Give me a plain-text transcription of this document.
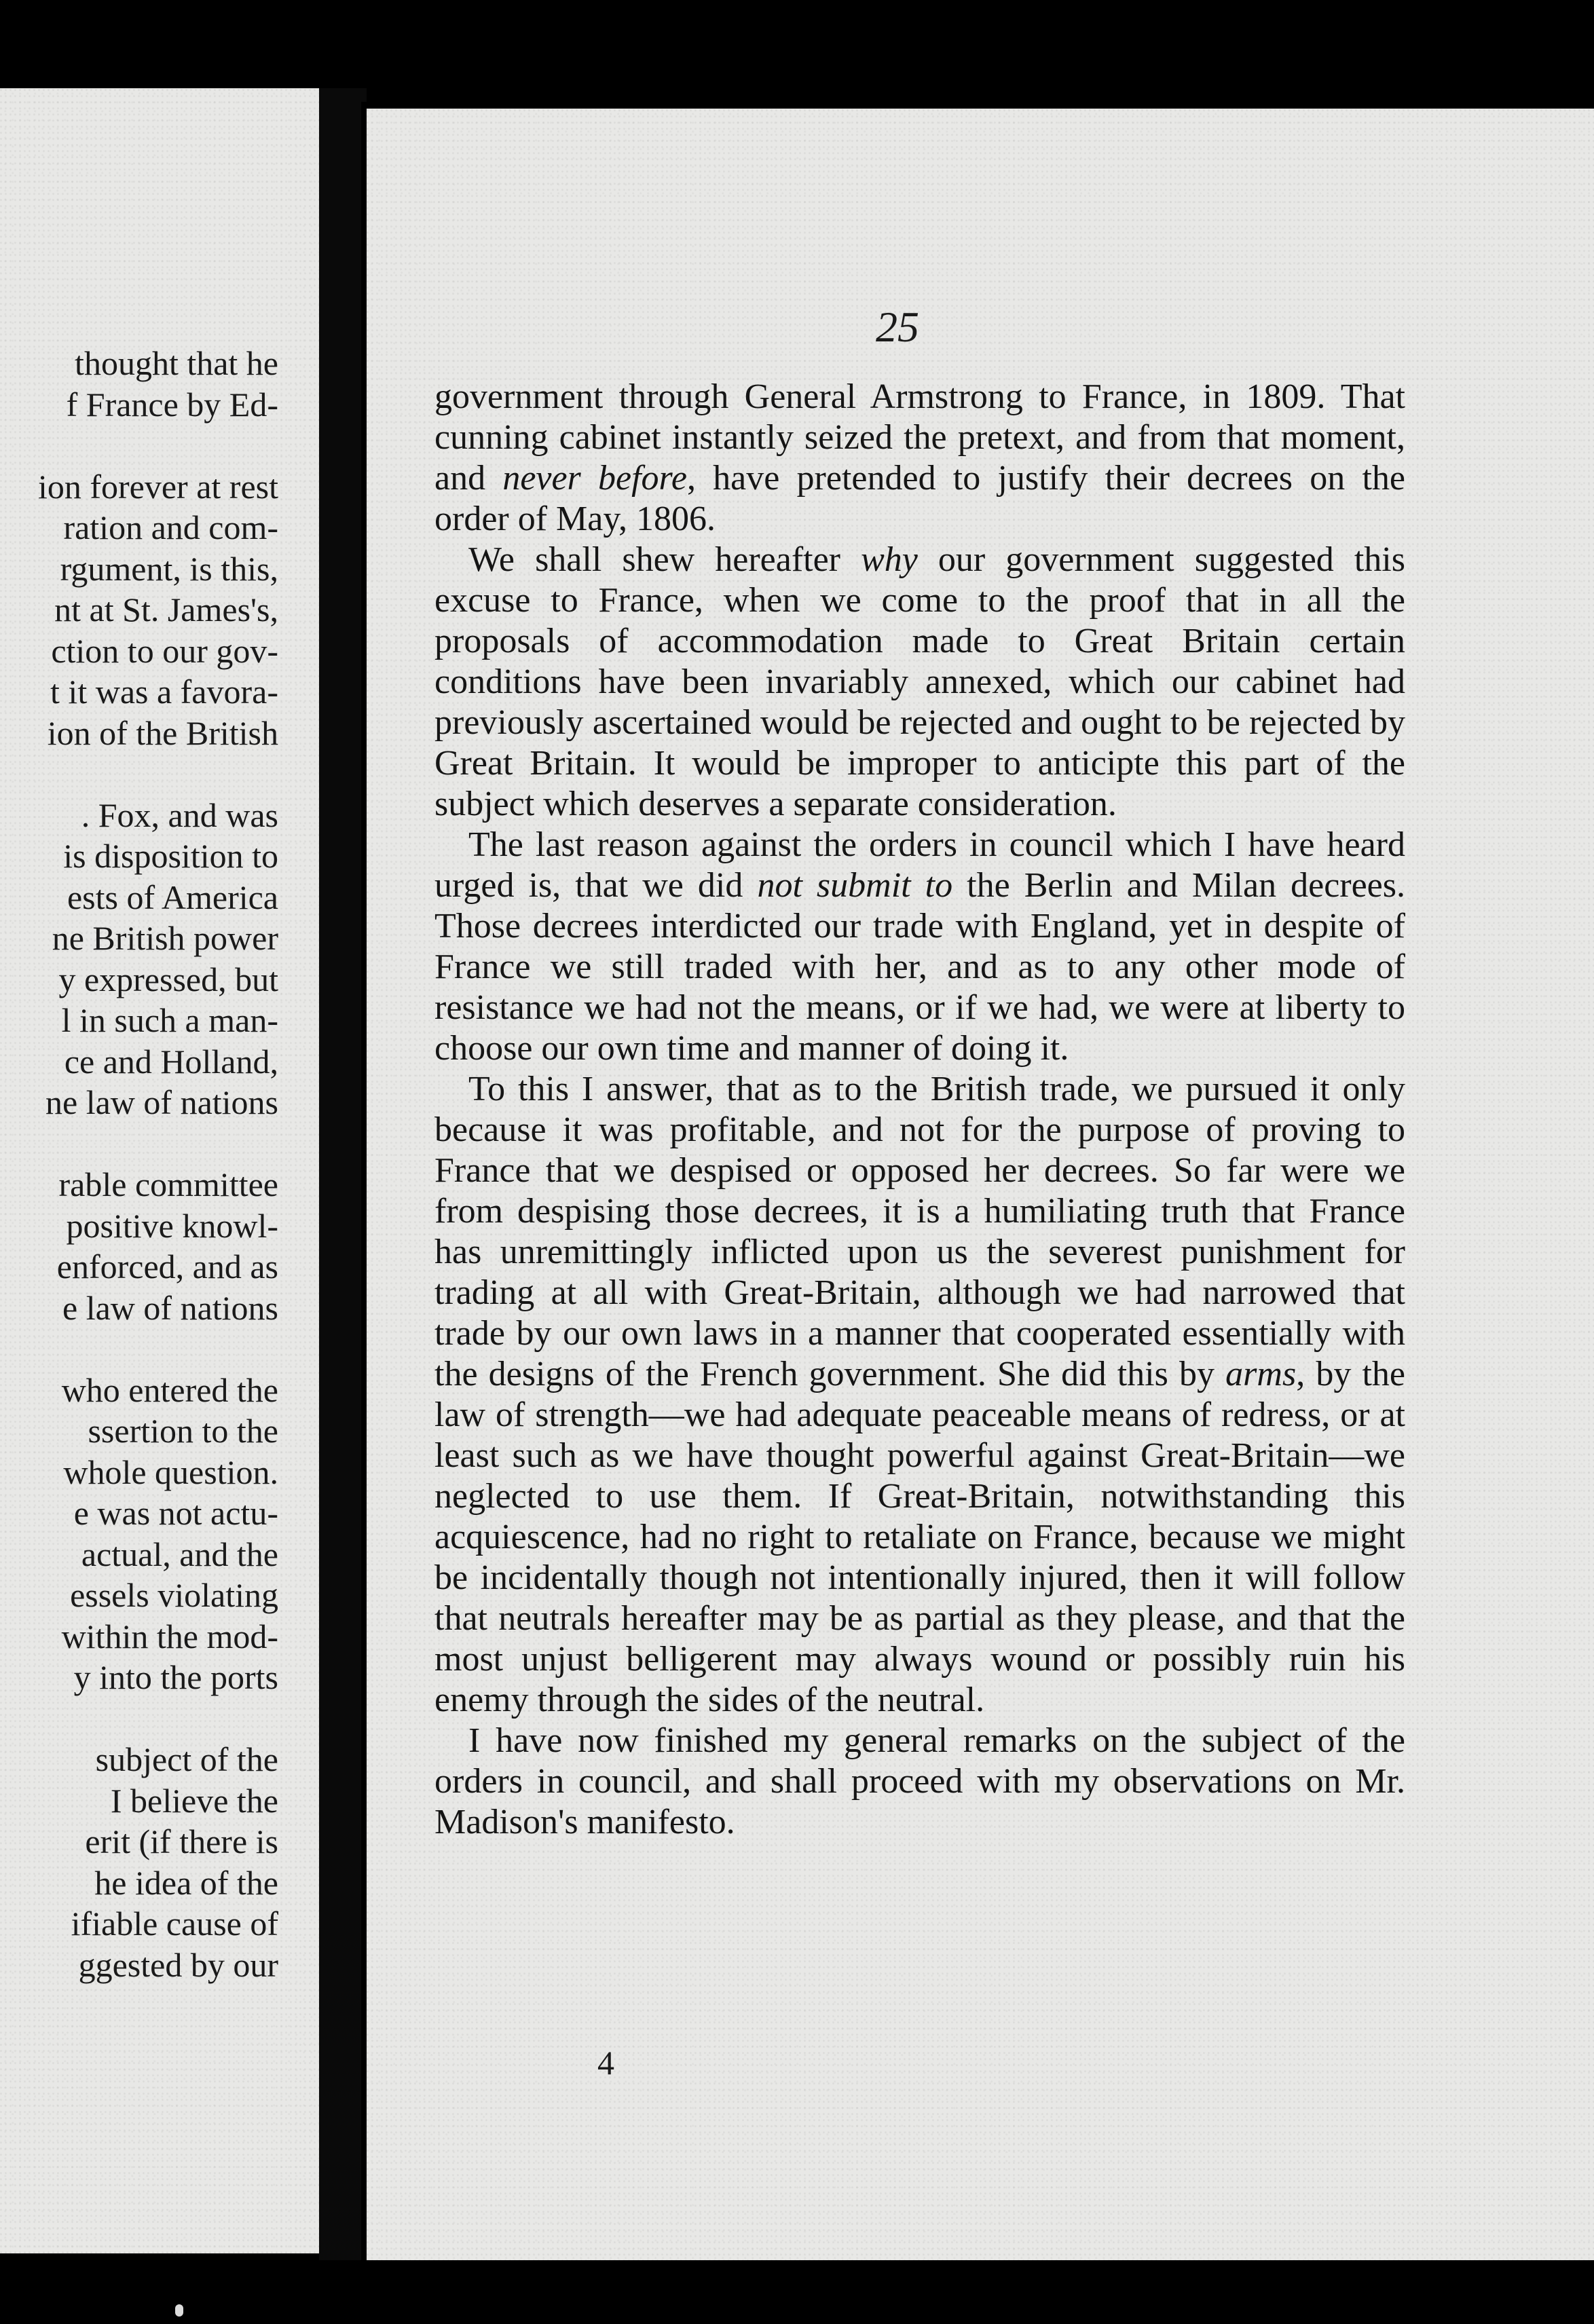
thought that he
f France by Ed-
ion forever at rest
ration and com-
rgument, is this,
nt at St. James's,
ction to our gov-
t it was a favora-
ion of the British
. Fox, and was
is disposition to
ests of America
ne British power
y expressed, but
l in such a man-
ce and Holland,
ne law of nations
rable committee
positive knowl-
enforced, and as
e law of nations
who entered the
ssertion to the
whole question.
e was not actu-
actual, and the
essels violating
within the mod-
y into the ports
subject of the
I believe the
erit (if there is
he idea of the
ifiable cause of
ggested by our
25

government through General Armstrong to France, in 1809. That cunning cabinet instantly seized the pretext, and from that moment, and never before, have pretended to justify their decrees on the order of May, 1806.

We shall shew hereafter why our government suggested this excuse to France, when we come to the proof that in all the proposals of accommodation made to Great Britain certain conditions have been invariably annexed, which our cabinet had previously ascertained would be rejected and ought to be rejected by Great Britain. It would be improper to anticipte this part of the subject which deserves a separate consideration.

The last reason against the orders in council which I have heard urged is, that we did not submit to the Berlin and Milan decrees. Those decrees interdicted our trade with England, yet in despite of France we still traded with her, and as to any other mode of resistance we had not the means, or if we had, we were at liberty to choose our own time and manner of doing it.

To this I answer, that as to the British trade, we pursued it only because it was profitable, and not for the purpose of proving to France that we despised or opposed her decrees. So far were we from despising those decrees, it is a humiliating truth that France has unremittingly inflicted upon us the severest punishment for trading at all with Great-Britain, although we had narrowed that trade by our own laws in a manner that cooperated essentially with the designs of the French government. She did this by arms, by the law of strength—we had adequate peaceable means of redress, or at least such as we have thought powerful against Great-Britain—we neglected to use them. If Great-Britain, notwithstanding this acquiescence, had no right to retaliate on France, because we might be incidentally though not intentionally injured, then it will follow that neutrals hereafter may be as partial as they please, and that the most unjust belligerent may always wound or possibly ruin his enemy through the sides of the neutral.

I have now finished my general remarks on the subject of the orders in council, and shall proceed with my observations on Mr. Madison's manifesto.

4
